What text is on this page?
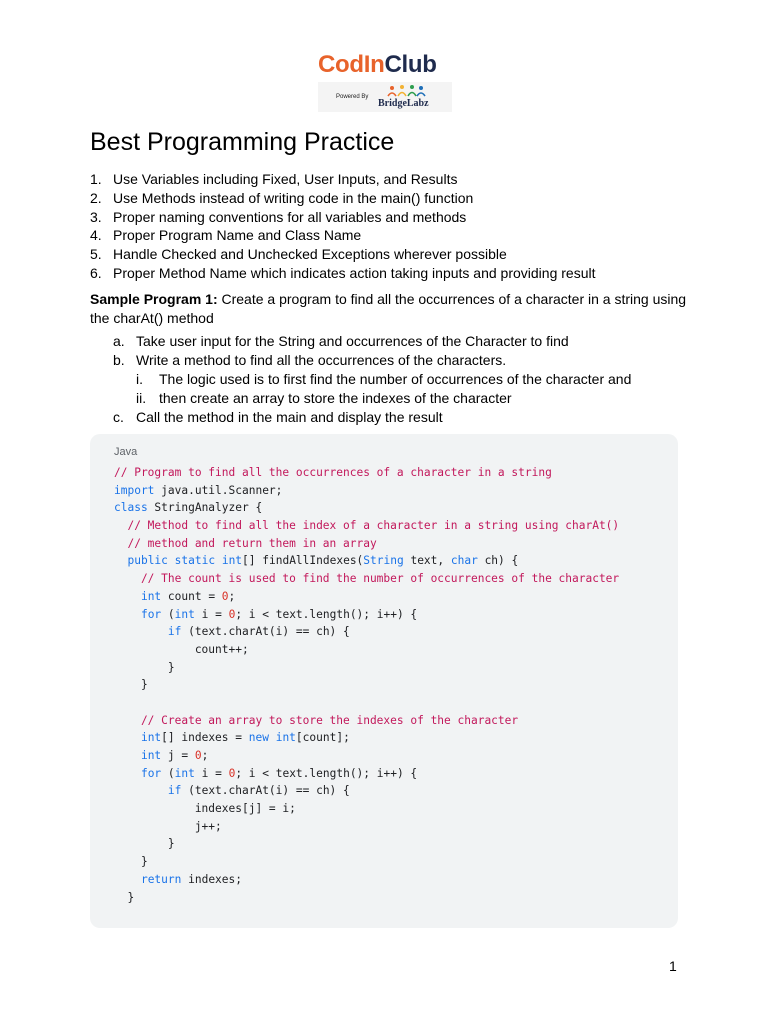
CodInClub
Powered By
BridgeLabz
Best Programming Practice
1. Use Variables including Fixed, User Inputs, and Results
2. Use Methods instead of writing code in the main() function
3. Proper naming conventions for all variables and methods
4. Proper Program Name and Class Name
5. Handle Checked and Unchecked Exceptions wherever possible
6. Proper Method Name which indicates action taking inputs and providing result
Sample Program 1: Create a program to find all the occurrences of a character in a string using the charAt() method
a. Take user input for the String and occurrences of the Character to find
b. Write a method to find all the occurrences of the characters.
i. The logic used is to first find the number of occurrences of the character and
ii. then create an array to store the indexes of the character
c. Call the method in the main and display the result
Java
// Program to find all the occurrences of a character in a string
import java.util.Scanner;
class StringAnalyzer {
// Method to find all the index of a character in a string using charAt()
// method and return them in an array
public static int[] findAllIndexes(String text, char ch) {
// The count is used to find the number of occurrences of the character
int count = 0;
for (int i = 0; i < text.length(); i++) {
if (text.charAt(i) == ch) {
count++;
}
}
// Create an array to store the indexes of the character
int[] indexes = new int[count];
int j = 0;
for (int i = 0; i < text.length(); i++) {
if (text.charAt(i) == ch) {
indexes[j] = i;
j++;
}
}
return indexes;
}
1
